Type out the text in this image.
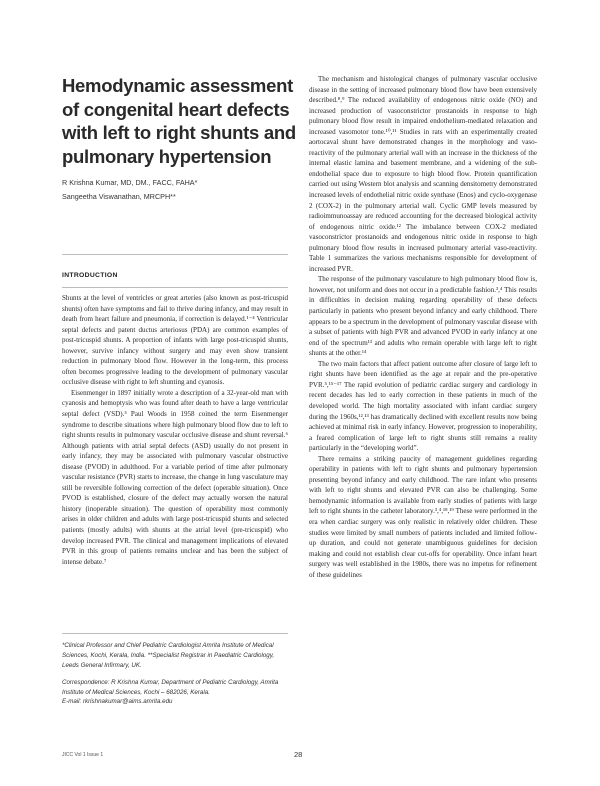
Hemodynamic assessment of congenital heart defects with left to right shunts and pulmonary hypertension
R Krishna Kumar, MD, DM., FACC, FAHA*
Sangeetha Viswanathan, MRCPH**
INTRODUCTION

Shunts at the level of ventricles or great arteries (also known as post-tricuspid shunts) often have symptoms and fail to thrive during infancy, and may result in death from heart failure and pneumonia, if correction is delayed.¹⁻⁴ Ventricular septal defects and patent ductus arteriosus (PDA) are common examples of post-tricuspid shunts. A proportion of infants with large post-tricuspid shunts, however, survive infancy without surgery and may even show transient reduction in pulmonary blood flow. However in the long-term, this process often becomes progressive leading to the development of pulmonary vascular occlusive disease with right to left shunting and cyanosis.

Eisenmenger in 1897 initially wrote a description of a 32-year-old man with cyanosis and hemoptysis who was found after death to have a large ventricular septal defect (VSD).⁵ Paul Woods in 1958 coined the term Eisenmenger syndrome to describe situations where high pulmonary blood flow due to left to right shunts results in pulmonary vascular occlusive disease and shunt reversal.⁶ Although patients with atrial septal defects (ASD) usually do not present in early infancy, they may be associated with pulmonary vascular obstructive disease (PVOD) in adulthood. For a variable period of time after pulmonary vascular resistance (PVR) starts to increase, the change in lung vasculature may still be reversible following correction of the defect (operable situation). Once PVOD is established, closure of the defect may actually worsen the natural history (inoperable situation). The question of operability most commonly arises in older children and adults with large post-tricuspid shunts and selected patients (mostly adults) with shunts at the atrial level (pre-tricuspid) who develop increased PVR. The clinical and management implications of elevated PVR in this group of patients remains unclear and has been the subject of intense debate.⁷

The mechanism and histological changes of pulmonary vascular occlusive disease in the setting of increased pulmonary blood flow have been extensively described.⁸,⁹ The reduced availability of endogenous nitric oxide (NO) and increased production of vasoconstrictor prostanoids in response to high pulmonary blood flow result in impaired endothelium-mediated relaxation and increased vasomotor tone.¹⁰,¹¹ Studies in rats with an experimentally created aortocaval shunt have demonstrated changes in the morphology and vaso-reactivity of the pulmonary arterial wall with an increase in the thickness of the internal elastic lamina and basement membrane, and a widening of the sub-endothelial space due to exposure to high blood flow. Protein quantification carried out using Western blot analysis and scanning densitometry demonstrated increased levels of endothelial nitric oxide synthase (Enos) and cyclo-oxygenase 2 (COX-2) in the pulmonary arterial wall. Cyclic GMP levels measured by radioimmunoassay are reduced accounting for the decreased biological activity of endogenous nitric oxide.¹² The imbalance between COX-2 mediated vasoconstrictor prostanoids and endogenous nitric oxide in response to high pulmonary blood flow results in increased pulmonary arterial vaso-reactivity. Table 1 summarizes the various mechanisms responsible for development of increased PVR.

The response of the pulmonary vasculature to high pulmonary blood flow is, however, not uniform and does not occur in a predictable fashion.³,⁴ This results in difficulties in decision making regarding operability of these defects particularly in patients who present beyond infancy and early childhood. There appears to be a spectrum in the development of pulmonary vascular disease with a subset of patients with high PVR and advanced PVOD in early infancy at one end of the spectrum¹³ and adults who remain operable with large left to right shunts at the other.¹⁴

The two main factors that affect patient outcome after closure of large left to right shunts have been identified as the age at repair and the pre-operative PVR.⁵,¹⁵⁻¹⁷ The rapid evolution of pediatric cardiac surgery and cardiology in recent decades has led to early correction in these patients in much of the developed world. The high mortality associated with infant cardiac surgery during the 1960s,¹²,¹³ has dramatically declined with excellent results now being achieved at minimal risk in early infancy. However, progression to inoperability, a feared complication of large left to right shunts still remains a reality particularly in the “developing world”.

There remains a striking paucity of management guidelines regarding operability in patients with left to right shunts and pulmonary hypertension presenting beyond infancy and early childhood. The rare infant who presents with left to right shunts and elevated PVR can also be challenging. Some hemodynamic information is available from early studies of patients with large left to right shunts in the catheter laboratory.³,⁴,¹⁸,¹⁹ These were performed in the era when cardiac surgery was only realistic in relatively older children. These studies were limited by small numbers of patients included and limited follow-up duration, and could not generate unambiguous guidelines for decision making and could not establish clear cut-offs for operability. Once infant heart surgery was well established in the 1980s, there was no impetus for refinement of these guidelines

*Clinical Professor and Chief Pediatric Cardiologist Amrita Institute of Medical Sciences, Kochi, Kerala, India. **Specialist Registrar in Paediatric Cardiology, Leeds General Infirmary, UK.
Correspondence: R Krishna Kumar, Department of Pediatric Cardiology, Amrita Institute of Medical Sciences, Kochi – 682026, Kerala.
E-mail: rkrishnakumar@aims.amrita.edu
JICC Vol 1 Issue 1	28
